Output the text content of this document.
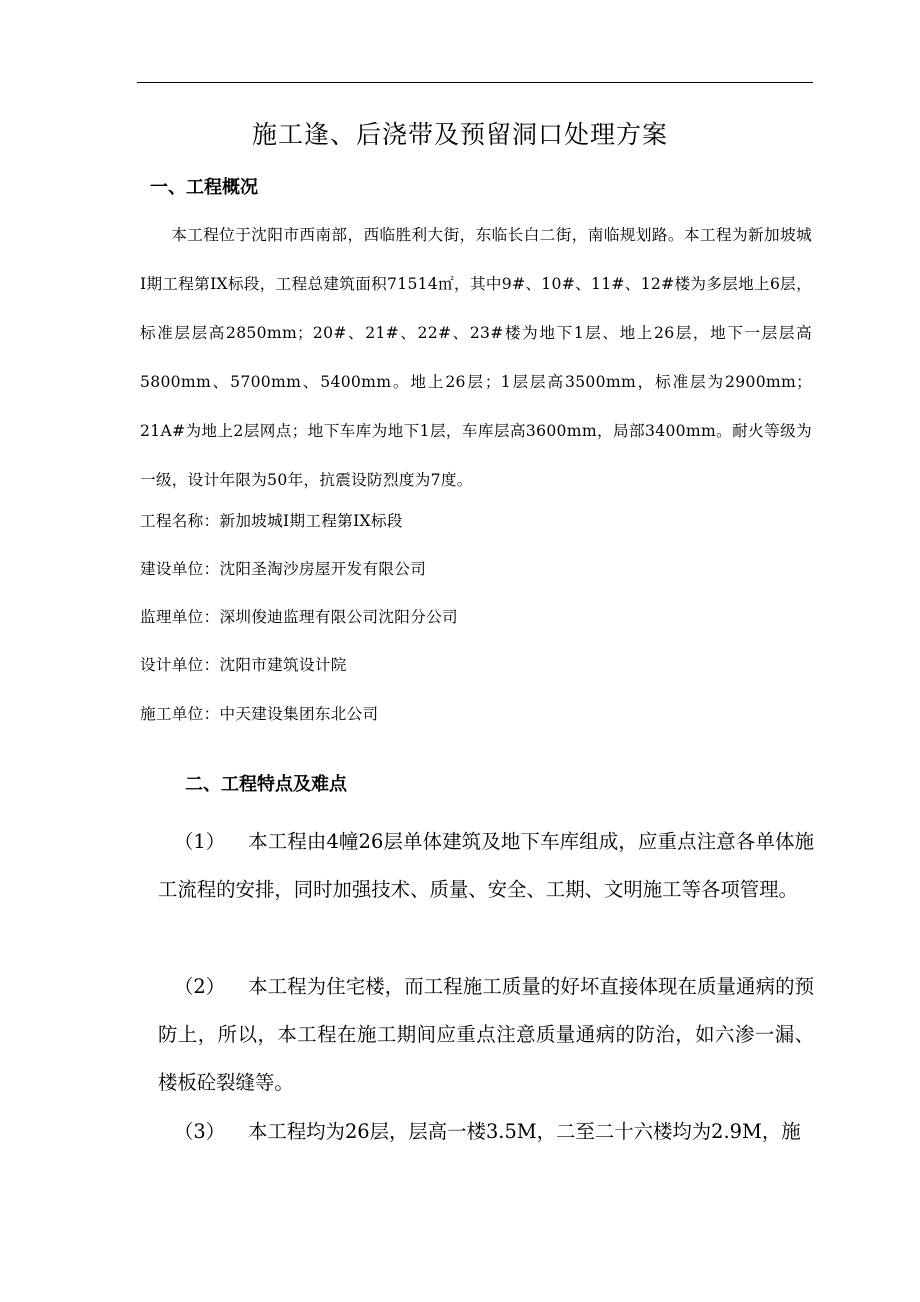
施工逢、后浇带及预留洞口处理方案
一、工程概况
本工程位于沈阳市西南部，西临胜利大街，东临长白二街，南临规划路。本工程为新加坡城Ⅰ期工程第IX标段，工程总建筑面积71514㎡，其中9#、10#、11#、12#楼为多层地上6层，标准层层高2850mm；20#、21#、22#、23#楼为地下1层、地上26层，地下一层层高5800mm、5700mm、5400mm。地上26层；1层层高3500mm，标准层为2900mm；21A#为地上2层网点；地下车库为地下1层，车库层高3600mm，局部3400mm。耐火等级为一级，设计年限为50年，抗震设防烈度为7度。
工程名称：新加坡城Ⅰ期工程第IX标段
建设单位：沈阳圣淘沙房屋开发有限公司
监理单位：深圳俊迪监理有限公司沈阳分公司
设计单位：沈阳市建筑设计院
施工单位：中天建设集团东北公司
二、工程特点及难点
（1） 本工程由4幢26层单体建筑及地下车库组成，应重点注意各单体施工流程的安排，同时加强技术、质量、安全、工期、文明施工等各项管理。
（2） 本工程为住宅楼，而工程施工质量的好坏直接体现在质量通病的预防上，所以，本工程在施工期间应重点注意质量通病的防治，如六渗一漏、楼板砼裂缝等。
（3） 本工程均为26层，层高一楼3.5M，二至二十六楼均为2.9M，施
